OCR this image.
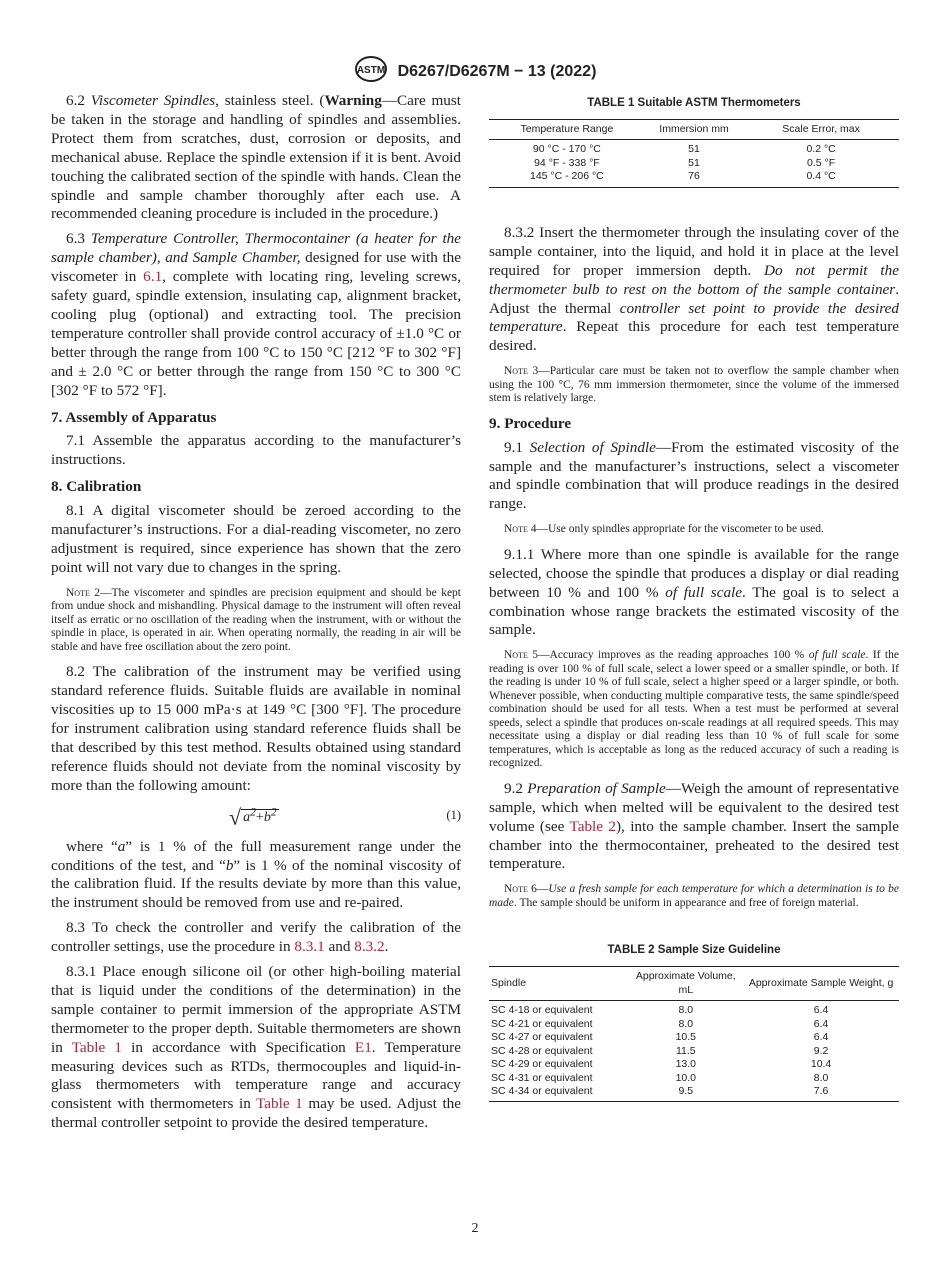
ASTM D6267/D6267M − 13 (2022)

6.2 Viscometer Spindles, stainless steel. (Warning—Care must be taken in the storage and handling of spindles and assemblies. Protect them from scratches, dust, corrosion or deposits, and mechanical abuse. Replace the spindle extension if it is bent. Avoid touching the calibrated section of the spindle with hands. Clean the spindle and sample chamber thoroughly after each use. A recommended cleaning procedure is included in the procedure.)

6.3 Temperature Controller, Thermocontainer (a heater for the sample chamber), and Sample Chamber, designed for use with the viscometer in 6.1, complete with locating ring, leveling screws, safety guard, spindle extension, insulating cap, alignment bracket, cooling plug (optional) and extracting tool. The precision temperature controller shall provide control accuracy of ±1.0 °C or better through the range from 100 °C to 150 °C [212 °F to 302 °F] and ± 2.0 °C or better through the range from 150 °C to 300 °C [302 °F to 572 °F].

7. Assembly of Apparatus

7.1 Assemble the apparatus according to the manufacturer’s instructions.

8. Calibration

8.1 A digital viscometer should be zeroed according to the manufacturer’s instructions. For a dial-reading viscometer, no zero adjustment is required, since experience has shown that the zero point will not vary due to changes in the spring.

Note 2—The viscometer and spindles are precision equipment and should be kept from undue shock and mishandling. Physical damage to the instrument will often reveal itself as erratic or no oscillation of the reading when the instrument, with or without the spindle in place, is operated in air. When operating normally, the reading in air will be stable and have free oscillation about the zero point.

8.2 The calibration of the instrument may be verified using standard reference fluids. Suitable fluids are available in nominal viscosities up to 15 000 mPa·s at 149 °C [300 °F]. The procedure for instrument calibration using standard reference fluids shall be that described by this test method. Results obtained using standard reference fluids should not deviate from the nominal viscosity by more than the following amount:

√ $a^2+b^2$	(1)

where “a” is 1 % of the full measurement range under the conditions of the test, and “b” is 1 % of the nominal viscosity of the calibration fluid. If the results deviate by more than this value, the instrument should be removed from use and re-paired.

8.3 To check the controller and verify the calibration of the controller settings, use the procedure in 8.3.1 and 8.3.2.

8.3.1 Place enough silicone oil (or other high-boiling material that is liquid under the conditions of the determination) in the sample container to permit immersion of the appropriate ASTM thermometer to the proper depth. Suitable thermometers are shown in Table 1 in accordance with Specification E1. Temperature measuring devices such as RTDs, thermocouples and liquid-in-glass thermometers with temperature range and accuracy consistent with thermometers in Table 1 may be used. Adjust the thermal controller setpoint to provide the desired temperature.

TABLE 1 Suitable ASTM Thermometers
Temperature Range	Immersion mm	Scale Error, max
90 °C - 170 °C	51	0.2 °C
94 °F - 338 °F	51	0.5 °F
145 °C - 206 °C	76	0.4 °C

8.3.2 Insert the thermometer through the insulating cover of the sample container, into the liquid, and hold it in place at the level required for proper immersion depth. Do not permit the thermometer bulb to rest on the bottom of the sample container. Adjust the thermal controller set point to provide the desired temperature. Repeat this procedure for each test temperature desired.

Note 3—Particular care must be taken not to overflow the sample chamber when using the 100 °C, 76 mm immersion thermometer, since the volume of the immersed stem is relatively large.

9. Procedure

9.1 Selection of Spindle—From the estimated viscosity of the sample and the manufacturer’s instructions, select a viscometer and spindle combination that will produce readings in the desired range.

Note 4—Use only spindles appropriate for the viscometer to be used.

9.1.1 Where more than one spindle is available for the range selected, choose the spindle that produces a display or dial reading between 10 % and 100 % of full scale. The goal is to select a combination whose range brackets the estimated viscosity of the sample.

Note 5—Accuracy improves as the reading approaches 100 % of full scale. If the reading is over 100 % of full scale, select a lower speed or a smaller spindle, or both. If the reading is under 10 % of full scale, select a higher speed or a larger spindle, or both. Whenever possible, when conducting multiple comparative tests, the same spindle/speed combination should be used for all tests. When a test must be performed at several speeds, select a spindle that produces on-scale readings at all required speeds. This may necessitate using a display or dial reading less than 10 % of full scale for some temperatures, which is acceptable as long as the reduced accuracy of such a reading is recognized.

9.2 Preparation of Sample—Weigh the amount of representative sample, which when melted will be equivalent to the desired test volume (see Table 2), into the sample chamber. Insert the sample chamber into the thermocontainer, preheated to the desired test temperature.

Note 6—Use a fresh sample for each temperature for which a determination is to be made. The sample should be uniform in appearance and free of foreign material.

TABLE 2 Sample Size Guideline
Spindle	Approximate Volume, mL	Approximate Sample Weight, g
SC 4-18 or equivalent	8.0	6.4
SC 4-21 or equivalent	8.0	6.4
SC 4-27 or equivalent	10.5	6.4
SC 4-28 or equivalent	11.5	9.2
SC 4-29 or equivalent	13.0	10.4
SC 4-31 or equivalent	10.0	8.0
SC 4-34 or equivalent	9.5	7.6
2
